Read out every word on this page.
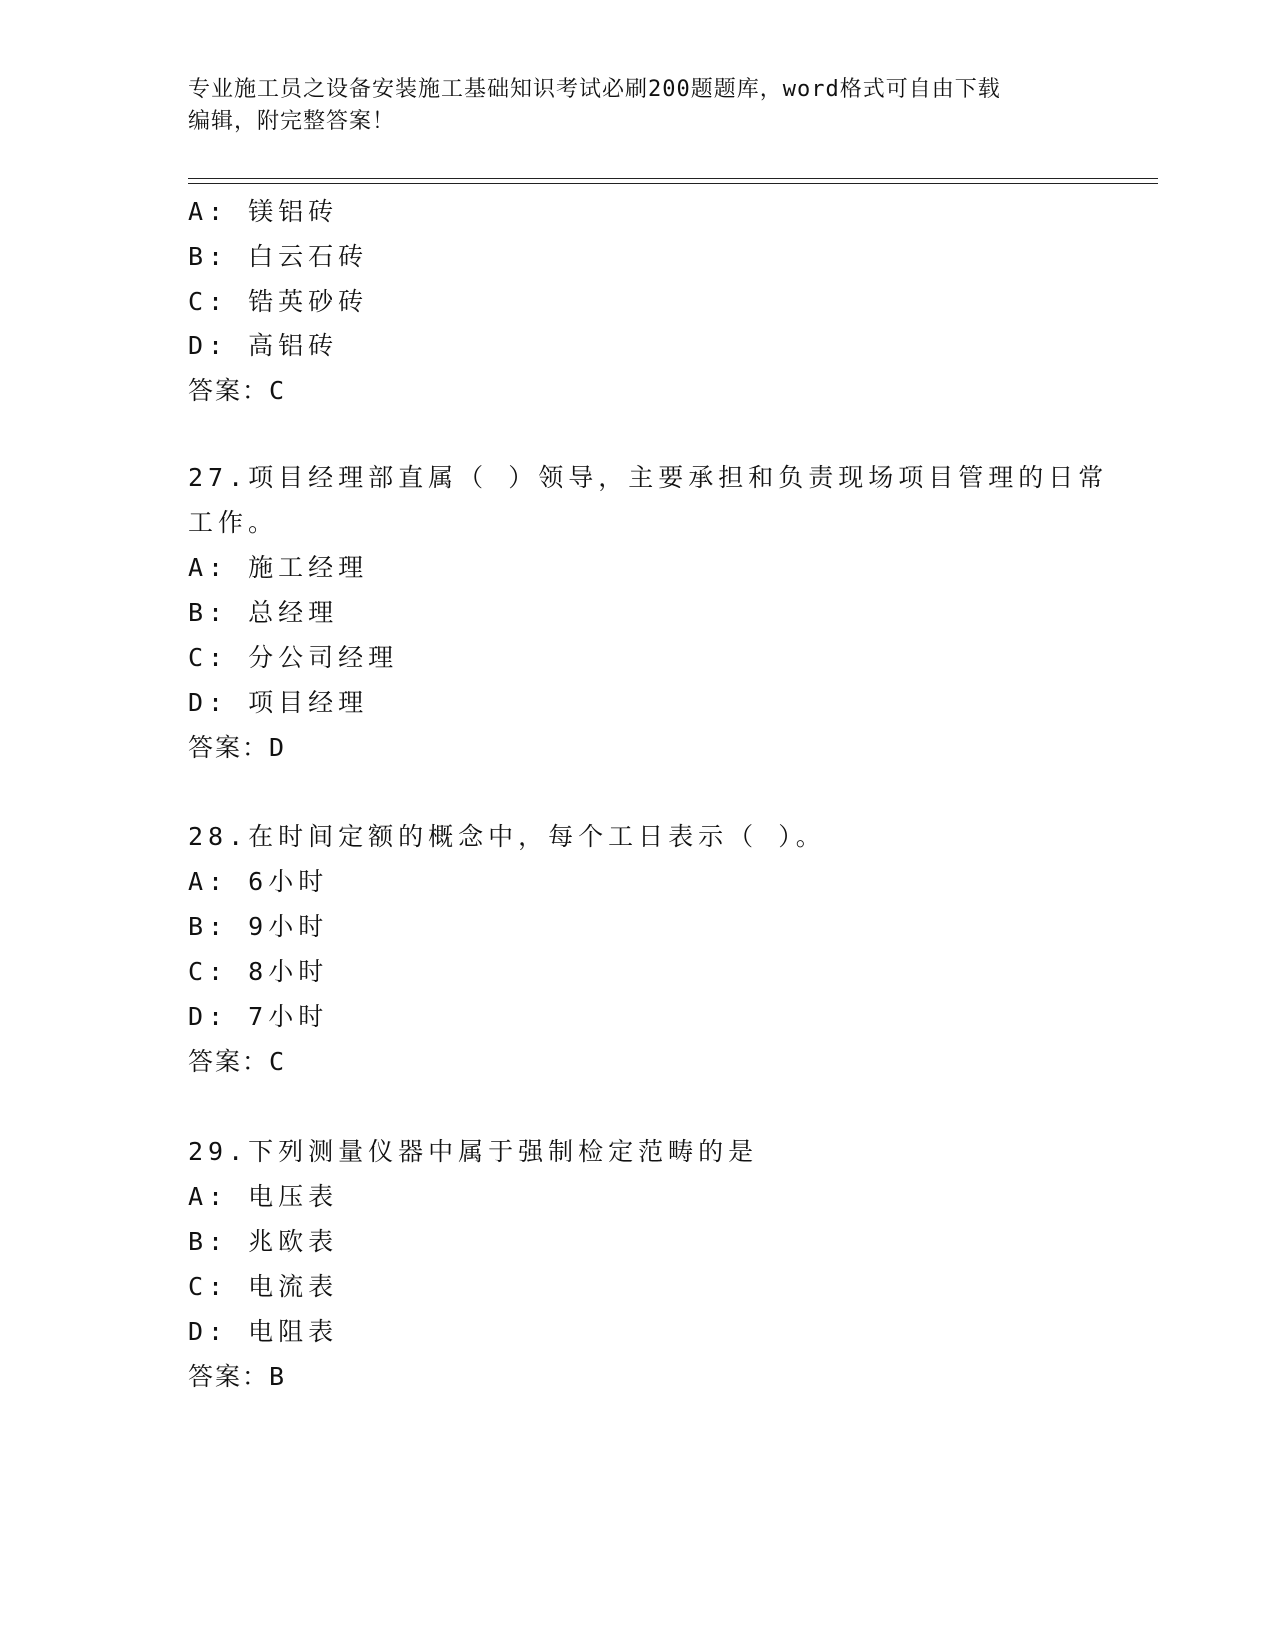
专业施工员之设备安装施工基础知识考试必刷200题题库，word格式可自由下载
编辑，附完整答案！
A: 镁铝砖
B: 白云石砖
C: 锆英砂砖
D: 高铝砖
答案：C
27.项目经理部直属（ ）领导，主要承担和负责现场项目管理的日常
工作。
A: 施工经理
B: 总经理
C: 分公司经理
D: 项目经理
答案：D
28.在时间定额的概念中，每个工日表示（ ）。
A: 6小时
B: 9小时
C: 8小时
D: 7小时
答案：C
29.下列测量仪器中属于强制检定范畴的是
A: 电压表
B: 兆欧表
C: 电流表
D: 电阻表
答案：B
